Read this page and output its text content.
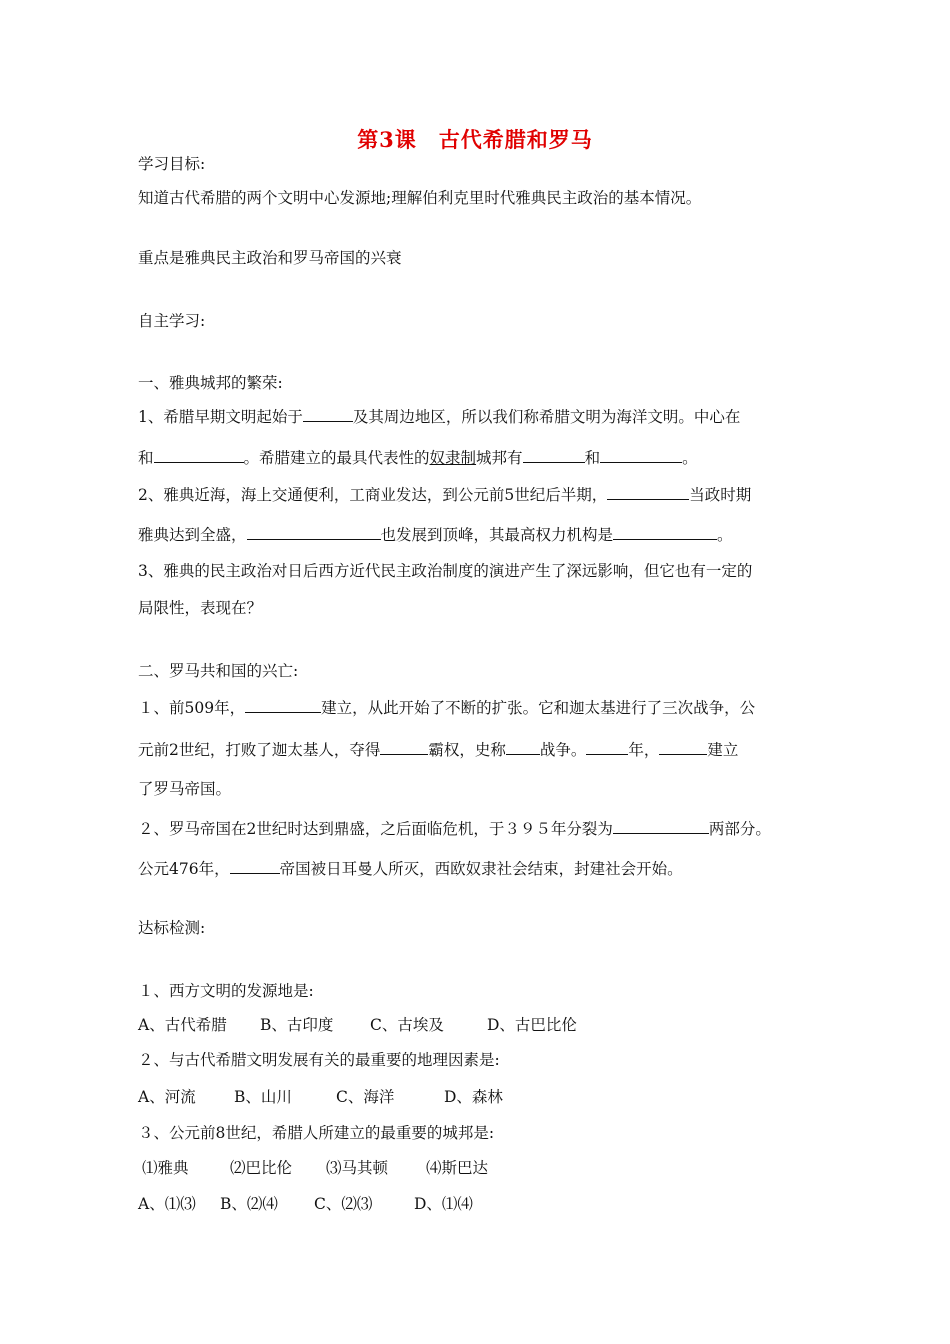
第3课　古代希腊和罗马
学习目标:
知道古代希腊的两个文明中心发源地;理解伯利克里时代雅典民主政治的基本情况。
重点是雅典民主政治和罗马帝国的兴衰
自主学习:
一、雅典城邦的繁荣:
1、希腊早期文明起始于	及其周边地区，所以我们称希腊文明为海洋文明。中心在
和	。希腊建立的最具代表性的奴隶制城邦有	和	。
2、雅典近海，海上交通便利，工商业发达，到公元前5世纪后半期，	当政时期
雅典达到全盛，	也发展到顶峰，其最高权力机构是	。
3、雅典的民主政治对日后西方近代民主政治制度的演进产生了深远影响，但它也有一定的
局限性，表现在？
二、罗马共和国的兴亡:
１、前509年，	建立，从此开始了不断的扩张。它和迦太基进行了三次战争，公
元前2世纪，打败了迦太基人，夺得	霸权，史称 战争。	年，	建立
了罗马帝国。
２、罗马帝国在2世纪时达到鼎盛，之后面临危机，于３９５年分裂为	两部分。
公元476年，	帝国被日耳曼人所灭，西欧奴隶社会结束，封建社会开始。
达标检测:
１、西方文明的发源地是:
A、古代希腊 B、古印度 C、古埃及	D、古巴比伦
２、与古代希腊文明发展有关的最重要的地理因素是:
A、河流 B、山川	C、海洋	D、森林
３、公元前8世纪，希腊人所建立的最重要的城邦是:
⑴雅典	⑵巴比伦 ⑶马其顿 ⑷斯巴达
A、⑴⑶ B、⑵⑷ C、⑵⑶	D、⑴⑷
